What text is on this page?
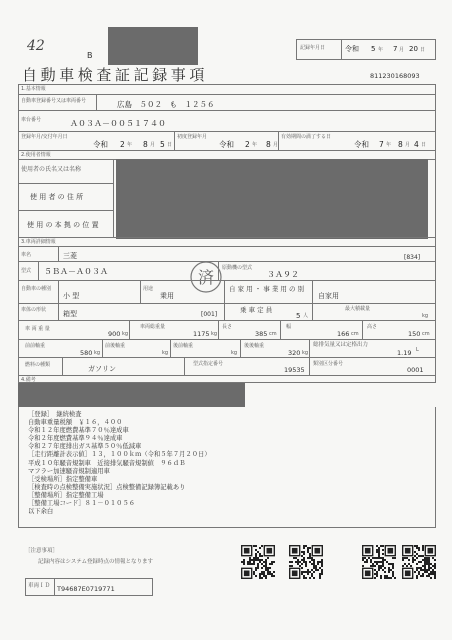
42
B
記録年月日	令和 5 年 7 月 20 日
自動車検査証記録事項	811230168093
1.基本情報
自動車登録番号又は車両番号	広島　５０２　も　１２５６
車台番号	Ａ０３Ａ－００５１７４０
登録年月/交付年月日
令和 2 年 8 月 5 日
初度登録年月
令和 2 年 8 月
有効期間の満了する日
令和 7 年 8 月 4 日
2.使用者情報
使用者の氏名又は名称
使 用 者 の 住 所
使 用 の 本 拠 の 位 置
3.車両詳細情報
車名	三菱	[834]
済
型式 ５ＢＡ－Ａ０３Ａ	原動機の型式
３Ａ９２
自動車の種別
小 型
用途
乗用
自 家 用 ・ 事 業 用 の 別
自家用
車体の形状 箱型	[001]
乗 車 定 員
5 人
最大積載量
kg
車 両 重 量
900 kg
車両総重量
1175 kg
長さ
385 cm
幅
166 cm
高さ
150 cm
前前軸重
580 kg
前後軸重
kg
後前軸重
kg
後後軸重
320 kg
総排気量又は定格出力
1.19 L
燃料の種類	ガソリン
型式指定番号
19535
類別区分番号
0001
4.備考
［登録］　継続検査
自動車重量税額　￥１６，４００
令和１２年度燃費基準７０％達成車
令和２年度燃費基準９４％達成車
令和２７年度排出ガス基準５０％低減車
［走行距離計表示値］１３，１００ｋｍ（令和５年７月２０日）
平成１０年騒音規制車　近接排気騒音規制値　９６ｄＢ
マフラー加速騒音規制適用車
［受検場所］指定整備車
［検査時の点検整備実施状況］点検整備記録簿記載あり
［整備場所］指定整備工場
［整備工場コード］８１－０１０５６
以下余白
［注意事項］
記録内容はシステム登録時点の情報となります
車両ＩＤ T94687E0719771
